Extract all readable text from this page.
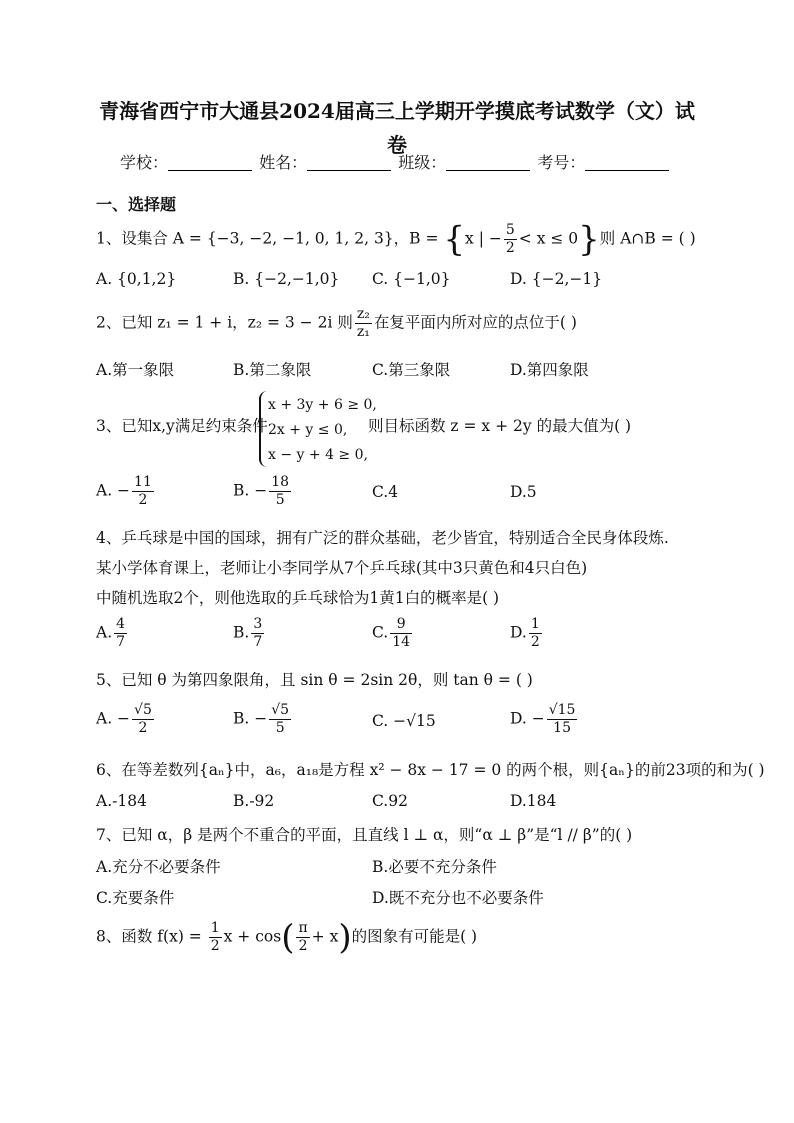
青海省西宁市大通县2024届高三上学期开学摸底考试数学（文）试卷
学校：	姓名：	班级：	考号：
一、选择题
1、设集合 A = {−3, −2, −1, 0, 1, 2, 3}，B = {x | − $\frac{5}{2} < x \le 0$}则 A∩B = ( )
A. {0,1,2}	B. {−2,−1,0} C. {−1,0}	D. {−2,−1}
2、已知 z₁ = 1 + i，z₂ = 3 − 2i 则 $\frac{\text{z₂}}{\text{z₁}}$ 在复平面内所对应的点位于( )
A.第一象限	B.第二象限	C.第三象限	D.第四象限
3、已知x,y满足约束条件
x + 3y + 6 ≥ 0,
2x + y ≤ 0,
x − y + 4 ≥ 0,
则目标函数 z = x + 2y 的最大值为( )
A. − $\frac{11}{2}$	B. − $\frac{18}{5}$	C.4	D.5
4、乒乓球是中国的国球，拥有广泛的群众基础，老少皆宜，特别适合全民身体段炼.
某小学体育课上，老师让小李同学从7个乒乓球(其中3只黄色和4只白色)
中随机选取2个，则他选取的乒乓球恰为1黄1白的概率是( )
A. $\frac{4}{7}$	B. $\frac{3}{7}$	C. $\frac{9}{14}$	D. $\frac{1}{2}$
5、已知 θ 为第四象限角，且 sin θ = 2sin 2θ，则 tan θ = ( )
A. − $\frac{√5}{2}$	B. − $\frac{√5}{5}$	C. −√15	D. − $\frac{√15}{15}$
6、在等差数列{aₙ}中，a₆，a₁₈是方程 x² − 8x − 17 = 0 的两个根，则{aₙ}的前23项的和为( )
A.-184	B.-92	C.92	D.184
7、已知 α，β 是两个不重合的平面，且直线 l ⊥ α，则“α ⊥ β”是“l // β”的( )
A.充分不必要条件	B.必要不充分条件
C.充要条件	D.既不充分也不必要条件
8、函数 $f(x) = \frac{1}{2}$ $x + \cos( \frac{\pi}{2} + x)$的图象有可能是( )
